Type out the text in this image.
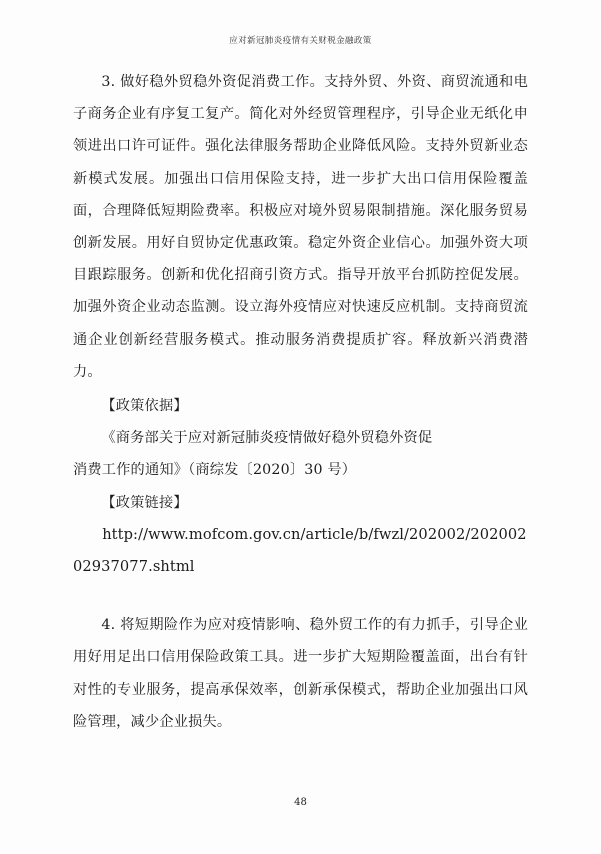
应对新冠肺炎疫情有关财税金融政策

3. 做好稳外贸稳外资促消费工作。支持外贸、外资、商贸流通和电子商务企业有序复工复产。简化对外经贸管理程序，引导企业无纸化申领进出口许可证件。强化法律服务帮助企业降低风险。支持外贸新业态新模式发展。加强出口信用保险支持，进一步扩大出口信用保险覆盖面，合理降低短期险费率。积极应对境外贸易限制措施。深化服务贸易创新发展。用好自贸协定优惠政策。稳定外资企业信心。加强外资大项目跟踪服务。创新和优化招商引资方式。指导开放平台抓防控促发展。加强外资企业动态监测。设立海外疫情应对快速反应机制。支持商贸流通企业创新经营服务模式。推动服务消费提质扩容。释放新兴消费潜力。

【政策依据】

《商务部关于应对新冠肺炎疫情做好稳外贸稳外资促

消费工作的通知》（商综发〔2020〕30 号）

【政策链接】

http://www.mofcom.gov.cn/article/b/fwzl/202002/202002

02937077.shtml

4. 将短期险作为应对疫情影响、稳外贸工作的有力抓手，引导企业用好用足出口信用保险政策工具。进一步扩大短期险覆盖面，出台有针对性的专业服务，提高承保效率，创新承保模式，帮助企业加强出口风险管理，减少企业损失。

48
